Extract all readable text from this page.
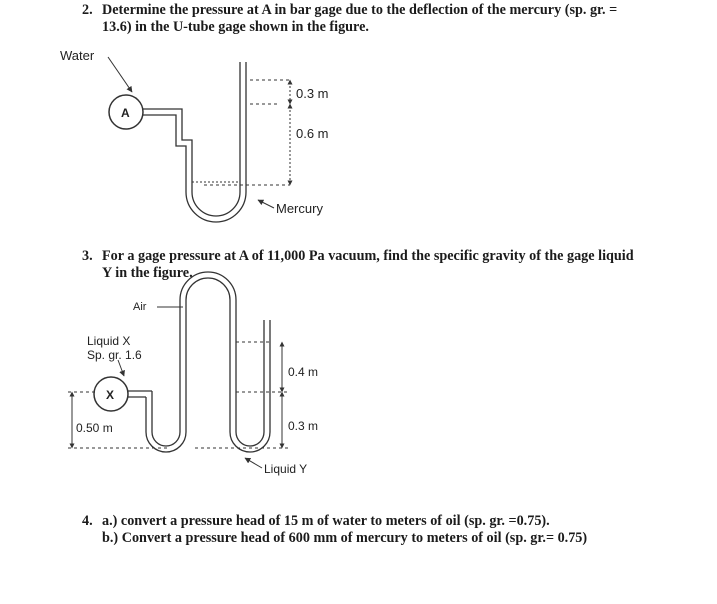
2. Determine the pressure at A in bar gage due to the deflection of the mercury (sp. gr. =
13.6) in the U-tube gage shown in the figure.
3. For a gage pressure at A of 11,000 Pa vacuum, find the specific gravity of the gage liquid
Y in the figure.
4. a.) convert a pressure head of 15 m of water to meters of oil (sp. gr. =0.75).
b.) Convert a pressure head of 600 mm of mercury to meters of oil (sp. gr.= 0.75)
Water
A
0.3 m
0.6 m
Mercury
Air
Liquid X
Sp. gr. 1.6
X
0.50 m
0.4 m
0.3 m
Liquid Y
